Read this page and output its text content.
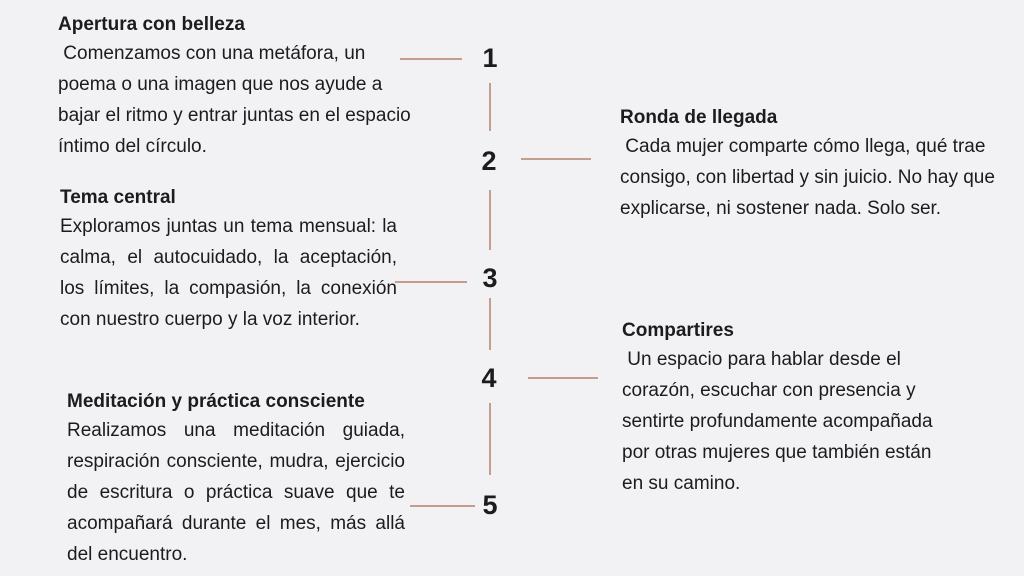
1
2
3
4
5
Apertura con belleza
Comenzamos con una metáfora, un poema o una imagen que nos ayude a bajar el ritmo y entrar juntas en el espacio íntimo del círculo.
Ronda de llegada
Cada mujer comparte cómo llega, qué trae consigo, con libertad y sin juicio. No hay que explicarse, ni sostener nada. Solo ser.
Tema central
Exploramos juntas un tema mensual: la calma, el autocuidado, la aceptación, los límites, la compasión, la conexión con nuestro cuerpo y la voz interior.
Compartires
Un espacio para hablar desde el corazón, escuchar con presencia y sentirte profundamente acompañada por otras mujeres que también están en su camino.
Meditación y práctica consciente
Realizamos una meditación guiada, respiración consciente, mudra, ejercicio de escritura o práctica suave que te acompañará durante el mes, más allá del encuentro.
